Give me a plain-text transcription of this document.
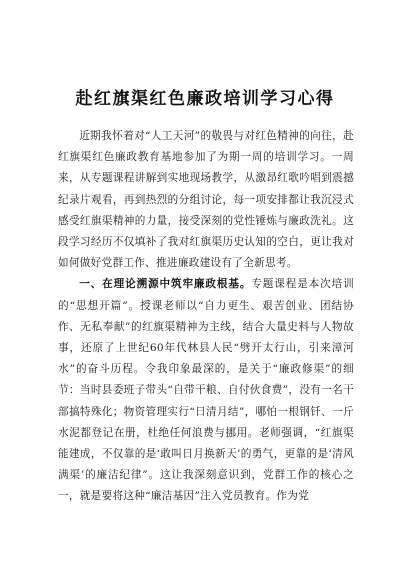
赴红旗渠红色廉政培训学习心得

近期我怀着对“人工天河”的敬畏与对红色精神的向往，赴红旗渠红色廉政教育基地参加了为期一周的培训学习。一周来，从专题课程讲解到实地现场教学，从激昂红歌吟唱到震撼纪录片观看，再到热烈的分组讨论，每一项安排都让我沉浸式感受红旗渠精神的力量，接受深刻的党性锤炼与廉政洗礼。这段学习经历不仅填补了我对红旗渠历史认知的空白，更让我对如何做好党群工作、推进廉政建设有了全新思考。

一、在理论溯源中筑牢廉政根基。专题课程是本次培训的“思想开篇”。授课老师以“自力更生、艰苦创业、团结协作、无私奉献”的红旗渠精神为主线，结合大量史料与人物故事，还原了上世纪60年代林县人民“劈开太行山，引来漳河水”的奋斗历程。令我印象最深的，是关于“廉政修渠”的细节：当时县委班子带头“自带干粮、自付伙食费”，没有一名干部搞特殊化；物资管理实行“日清月结”，哪怕一根钢钎、一斤水泥都登记在册，杜绝任何浪费与挪用。老师强调，“红旗渠能建成，不仅靠的是‘敢叫日月换新天’的勇气，更靠的是‘清风满渠’的廉洁纪律”。这让我深刻意识到，党群工作的核心之一，就是要将这种“廉洁基因”注入党员教育。作为党
